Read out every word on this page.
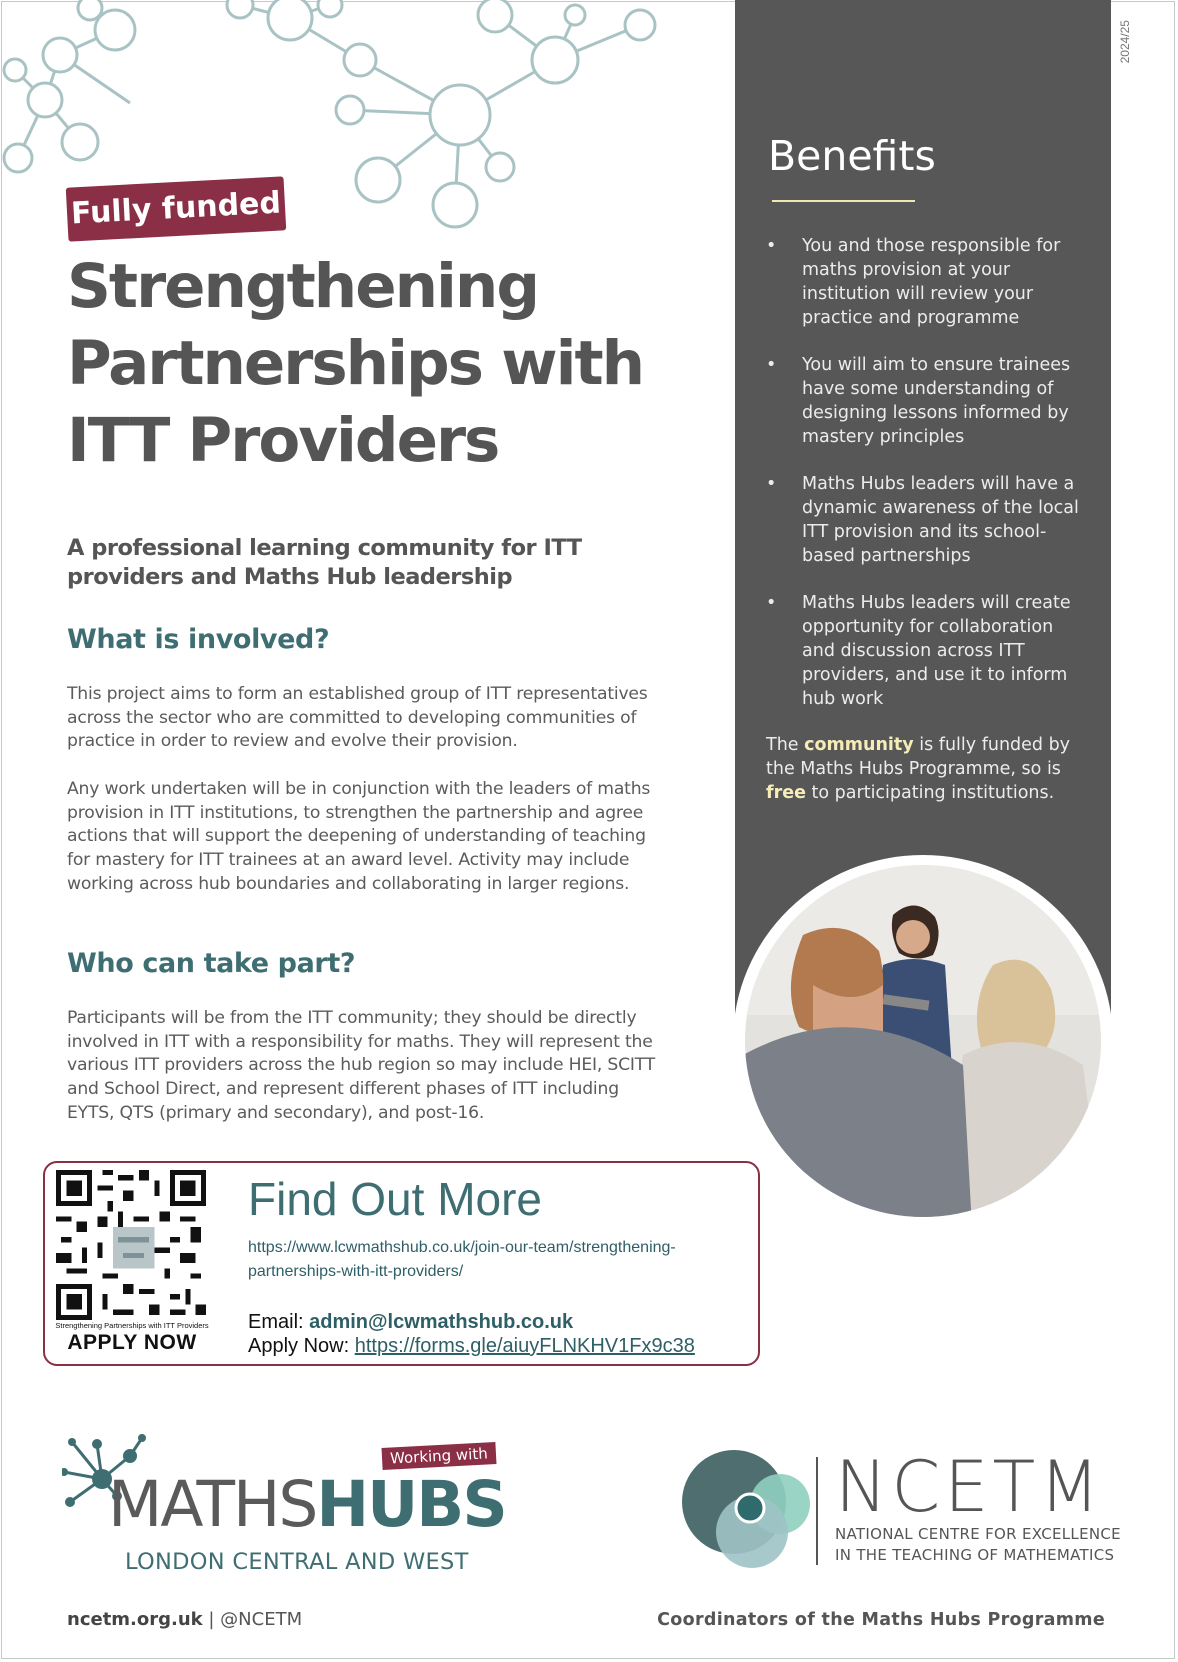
2024/25
Benefits
• You and those responsible for maths provision at your institution will review your practice and programme
• You will aim to ensure trainees have some understanding of designing lessons informed by mastery principles
• Maths Hubs leaders will have a dynamic awareness of the local ITT provision and its school-based partnerships
• Maths Hubs leaders will create opportunity for collaboration and discussion across ITT providers, and use it to inform hub work

The community is fully funded by the Maths Hubs Programme, so is free to participating institutions.

Fully funded
Strengthening Partnerships with ITT Providers

A professional learning community for ITT providers and Maths Hub leadership

What is involved?

This project aims to form an established group of ITT representatives across the sector who are committed to developing communities of practice in order to review and evolve their provision.

Any work undertaken will be in conjunction with the leaders of maths provision in ITT institutions, to strengthen the partnership and agree actions that will support the deepening of understanding of teaching for mastery for ITT trainees at an award level. Activity may include working across hub boundaries and collaborating in larger regions.

Who can take part?

Participants will be from the ITT community; they should be directly involved in ITT with a responsibility for maths. They will represent the various ITT providers across the hub region so may include HEI, SCITT and School Direct, and represent different phases of ITT including EYTS, QTS (primary and secondary), and post-16.

Strengthening Partnerships with ITT Providers
APPLY NOW
Find Out More
https://www.lcwmathshub.co.uk/join-our-team/strengthening-partnerships-with-itt-providers/
Email: admin@lcwmathshub.co.uk
Apply Now: https://forms.gle/aiuyFLNKHV1Fx9c38
Working with
MATHSHUBS
LONDON CENTRAL AND WEST
NCETM
NATIONAL CENTRE FOR EXCELLENCE
IN THE TEACHING OF MATHEMATICS
ncetm.org.uk | @NCETM	Coordinators of the Maths Hubs Programme
